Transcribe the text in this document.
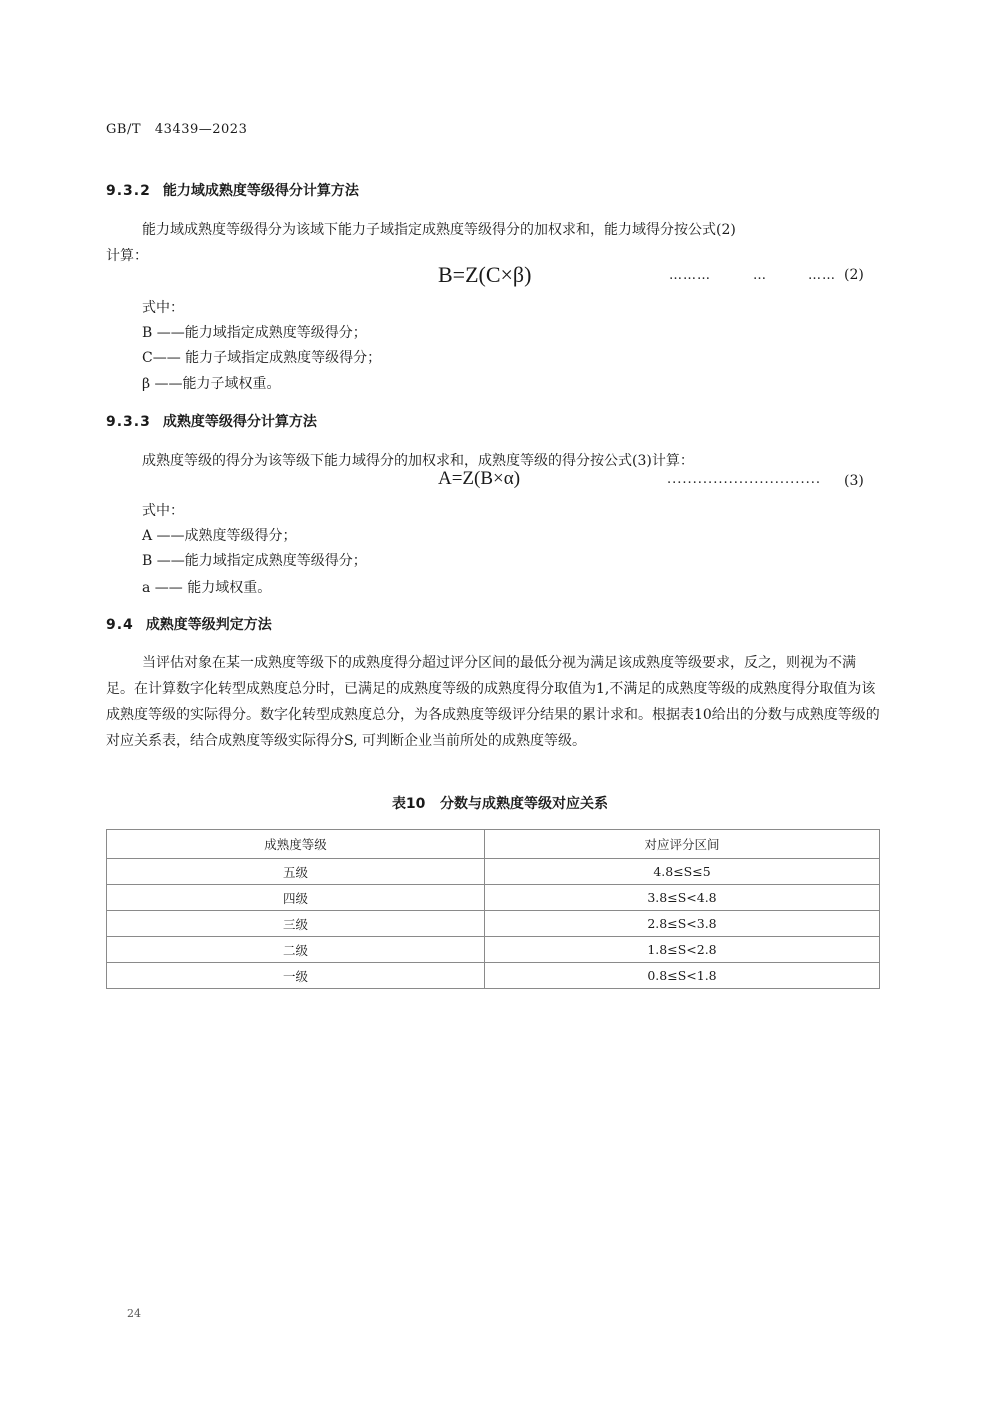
GB/T 43439—2023
9.3.2 能力域成熟度等级得分计算方法
能力域成熟度等级得分为该域下能力子域指定成熟度等级得分的加权求和，能力域得分按公式(2)
计算：
B=Z(C×β)	………	…	…… (2)
式中：
B ——能力域指定成熟度等级得分；
C—— 能力子域指定成熟度等级得分；
β ——能力子域权重。
9.3.3 成熟度等级得分计算方法
成熟度等级的得分为该等级下能力域得分的加权求和，成熟度等级的得分按公式(3)计算：
A=Z(B×α)	.............................. (3)
式中：
A ——成熟度等级得分；
B ——能力域指定成熟度等级得分；
a —— 能力域权重。
9.4 成熟度等级判定方法
当评估对象在某一成熟度等级下的成熟度得分超过评分区间的最低分视为满足该成熟度等级要求，反之，则视为不满足。在计算数字化转型成熟度总分时，已满足的成熟度等级的成熟度得分取值为1,不满足的成熟度等级的成熟度得分取值为该成熟度等级的实际得分。数字化转型成熟度总分，为各成熟度等级评分结果的累计求和。根据表10给出的分数与成熟度等级的对应关系表，结合成熟度等级实际得分S, 可判断企业当前所处的成熟度等级。
表10 分数与成熟度等级对应关系
成熟度等级	对应评分区间
五级	4.8≤S≤5
四级	3.8≤S<4.8
三级	2.8≤S<3.8
二级	1.8≤S<2.8
一级	0.8≤S<1.8
24
